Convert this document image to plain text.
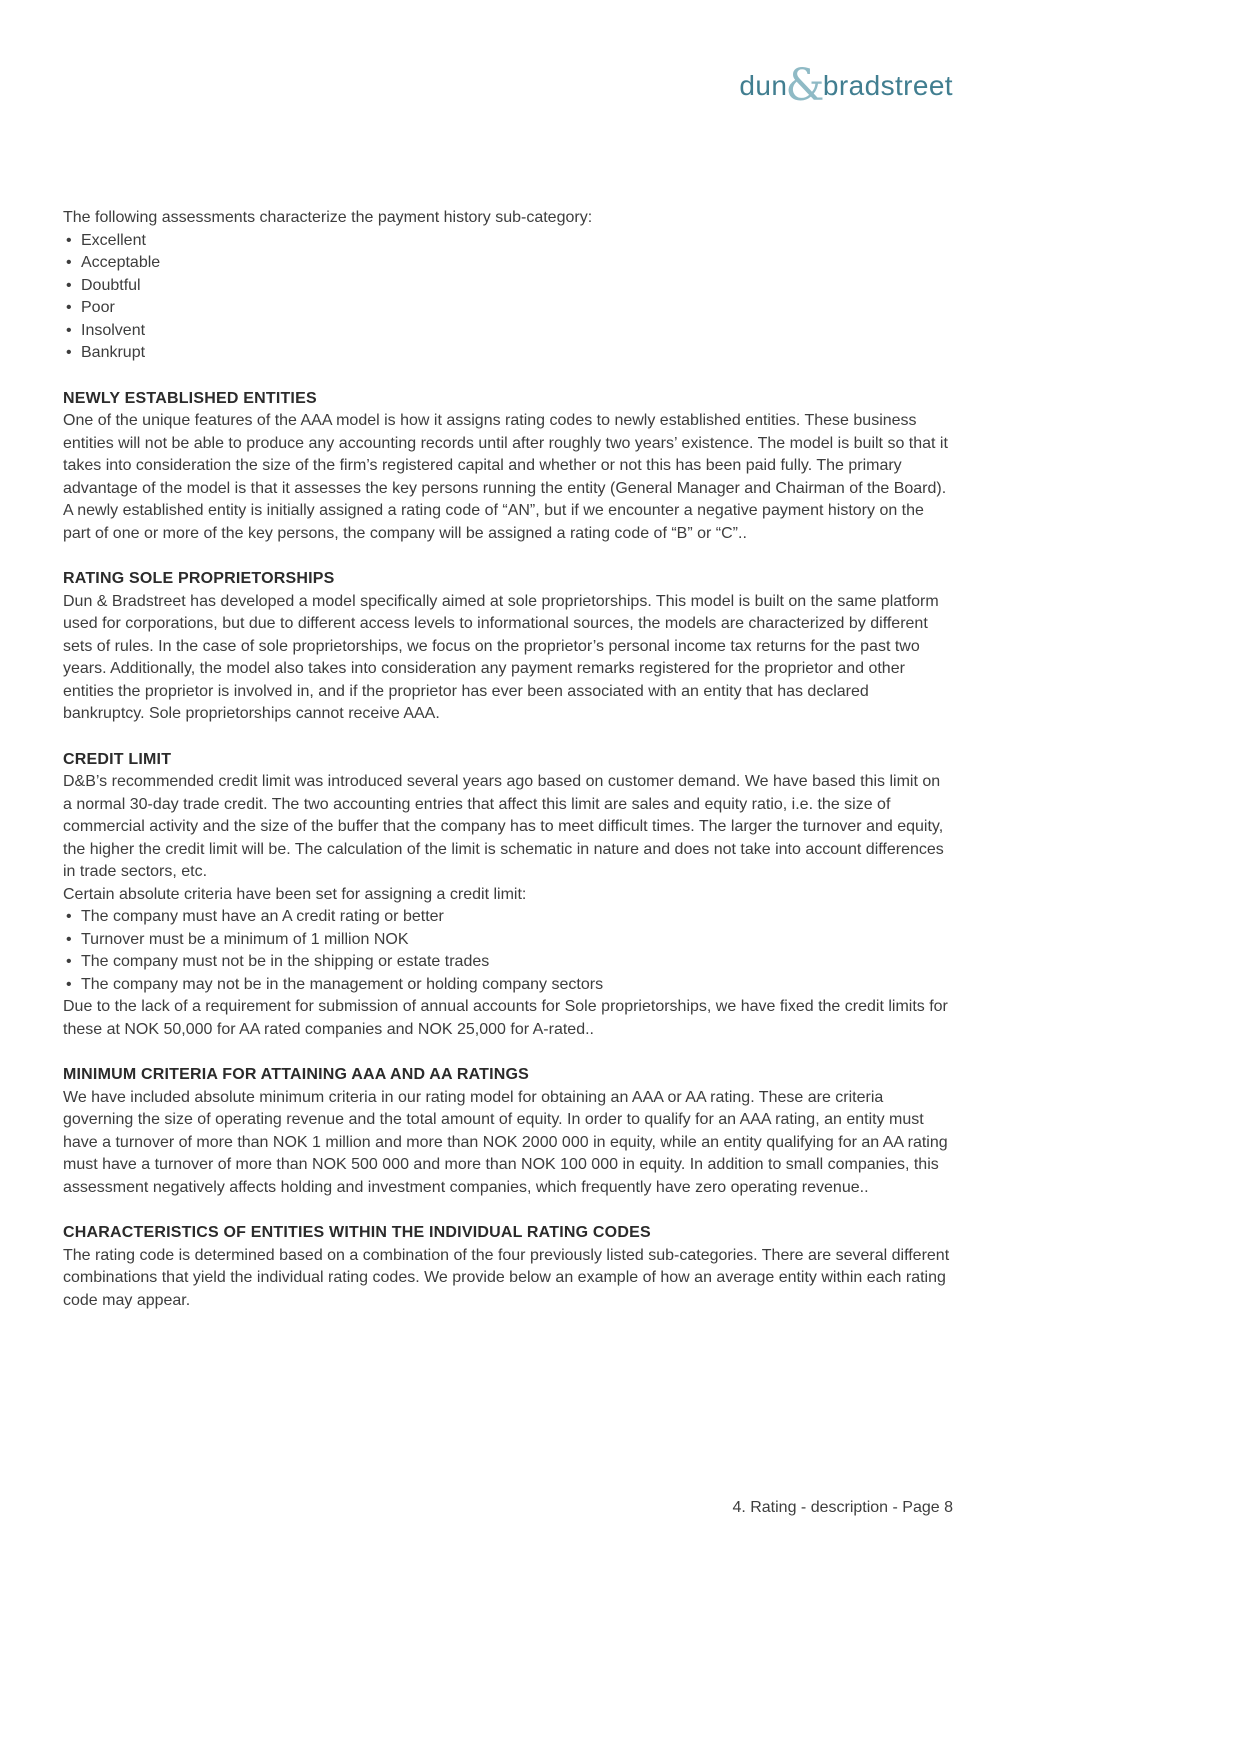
dun
&
bradstreet

The following assessments characterize the payment history sub-category:

• Excellent
• Acceptable
• Doubtful
• Poor
• Insolvent
• Bankrupt
NEWLY ESTABLISHED ENTITIES

One of the unique features of the AAA model is how it assigns rating codes to newly established entities. These business entities will not be able to produce any accounting records until after roughly two years’ existence. The model is built so that it takes into consideration the size of the firm’s registered capital and whether or not this has been paid fully. The primary advantage of the model is that it assesses the key persons running the entity (General Manager and Chairman of the Board). A newly established entity is initially assigned a rating code of “AN”, but if we encounter a negative payment history on the part of one or more of the key persons, the company will be assigned a rating code of “B” or “C”..

RATING SOLE PROPRIETORSHIPS

Dun & Bradstreet has developed a model specifically aimed at sole proprietorships. This model is built on the same platform used for corporations, but due to different access levels to informational sources, the models are characterized by different sets of rules. In the case of sole proprietorships, we focus on the proprietor’s personal income tax returns for the past two years. Additionally, the model also takes into consideration any payment remarks registered for the proprietor and other entities the proprietor is involved in, and if the proprietor has ever been associated with an entity that has declared bankruptcy. Sole proprietorships cannot receive AAA.

CREDIT LIMIT

D&B’s recommended credit limit was introduced several years ago based on customer demand. We have based this limit on a normal 30-day trade credit. The two accounting entries that affect this limit are sales and equity ratio, i.e. the size of commercial activity and the size of the buffer that the company has to meet difficult times. The larger the turnover and equity, the higher the credit limit will be. The calculation of the limit is schematic in nature and does not take into account differences in trade sectors, etc.

Certain absolute criteria have been set for assigning a credit limit:

• The company must have an A credit rating or better
• Turnover must be a minimum of 1 million NOK
• The company must not be in the shipping or estate trades
• The company may not be in the management or holding company sectors

Due to the lack of a requirement for submission of annual accounts for Sole proprietorships, we have fixed the credit limits for these at NOK 50,000 for AA rated companies and NOK 25,000 for A-rated..

MINIMUM CRITERIA FOR ATTAINING AAA AND AA RATINGS

We have included absolute minimum criteria in our rating model for obtaining an AAA or AA rating. These are criteria governing the size of operating revenue and the total amount of equity. In order to qualify for an AAA rating, an entity must have a turnover of more than NOK 1 million and more than NOK 2000 000 in equity, while an entity qualifying for an AA rating must have a turnover of more than NOK 500 000 and more than NOK 100 000 in equity. In addition to small companies, this assessment negatively affects holding and investment companies, which frequently have zero operating revenue..

CHARACTERISTICS OF ENTITIES WITHIN THE INDIVIDUAL RATING CODES

The rating code is determined based on a combination of the four previously listed sub-categories. There are several different combinations that yield the individual rating codes. We provide below an example of how an average entity within each rating code may appear.

4. Rating - description - Page 8
